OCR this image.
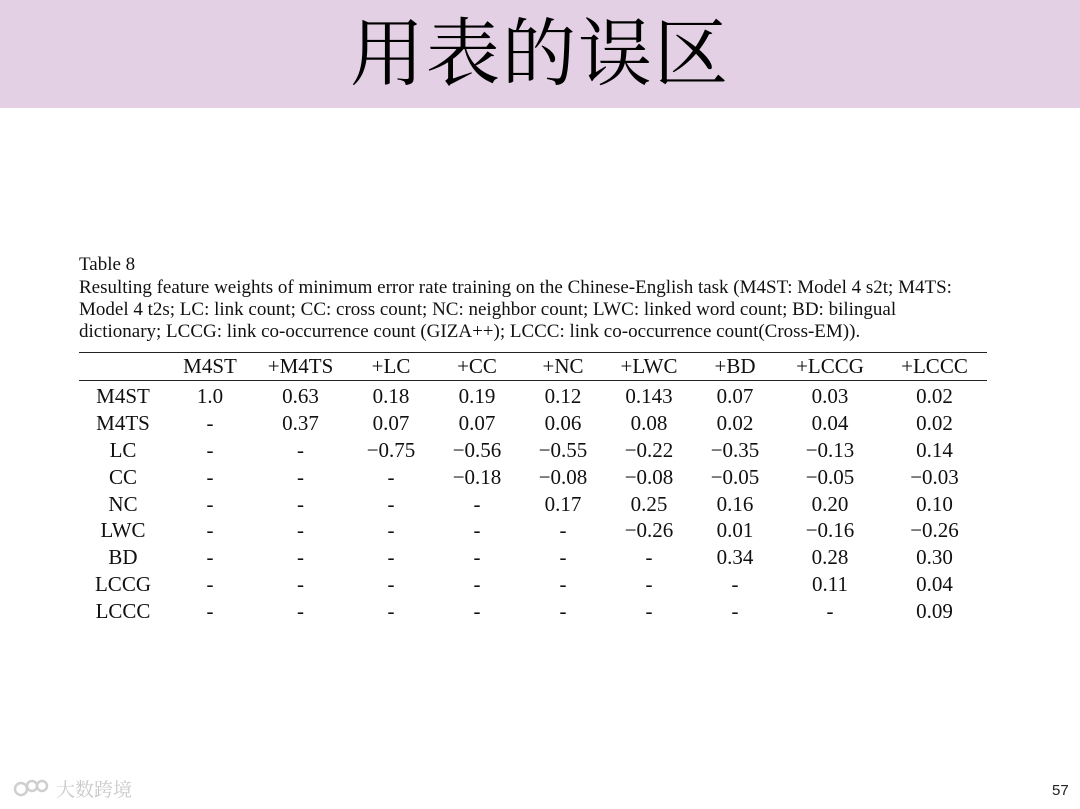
用表的误区

Table 8

Resulting feature weights of minimum error rate training on the Chinese-English task (M4ST: Model 4 s2t; M4TS: Model 4 t2s; LC: link count; CC: cross count; NC: neighbor count; LWC: linked word count; BD: bilingual dictionary; LCCG: link co-occurrence count (GIZA++); LCCC: link co-occurrence count(Cross-EM)).

	M4ST	+M4TS	+LC	+CC	+NC	+LWC	+BD	+LCCG	+LCCC
M4ST	1.0	0.63	0.18	0.19	0.12	0.143	0.07	0.03	0.02
M4TS	-	0.37	0.07	0.07	0.06	0.08	0.02	0.04	0.02
LC	-	-	−0.75	−0.56	−0.55	−0.22	−0.35	−0.13	0.14
CC	-	-	-	−0.18	−0.08	−0.08	−0.05	−0.05	−0.03
NC	-	-	-	-	0.17	0.25	0.16	0.20	0.10
LWC	-	-	-	-	-	−0.26	0.01	−0.16	−0.26
BD	-	-	-	-	-	-	0.34	0.28	0.30
LCCG	-	-	-	-	-	-	-	0.11	0.04
LCCC	-	-	-	-	-	-	-	-	0.09
大数跨境	57
